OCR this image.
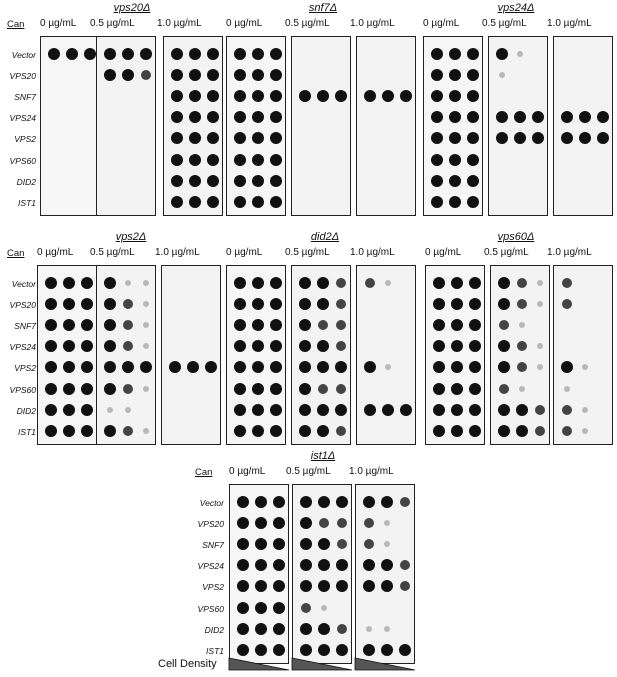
vps20Δ
0 µg/mL 0.5 µg/mL 1.0 µg/mL
Can
Vector
VPS20
SNF7
VPS24
VPS2
VPS60
DID2
IST1
snf7Δ
0 µg/mL 0.5 µg/mL 1.0 µg/mL
vps24Δ
0 µg/mL 0.5 µg/mL 1.0 µg/mL
vps2Δ
0 µg/mL 0.5 µg/mL 1.0 µg/mL
Can
Vector
VPS20
SNF7
VPS24
VPS2
VPS60
DID2
IST1
did2Δ
0 µg/mL 0.5 µg/mL 1.0 µg/mL
vps60Δ
0 µg/mL 0.5 µg/mL 1.0 µg/mL
ist1Δ
0 µg/mL 0.5 µg/mL 1.0 µg/mL
Can
Vector
VPS20
SNF7
VPS24
VPS2
VPS60
DID2
IST1
Cell Density
